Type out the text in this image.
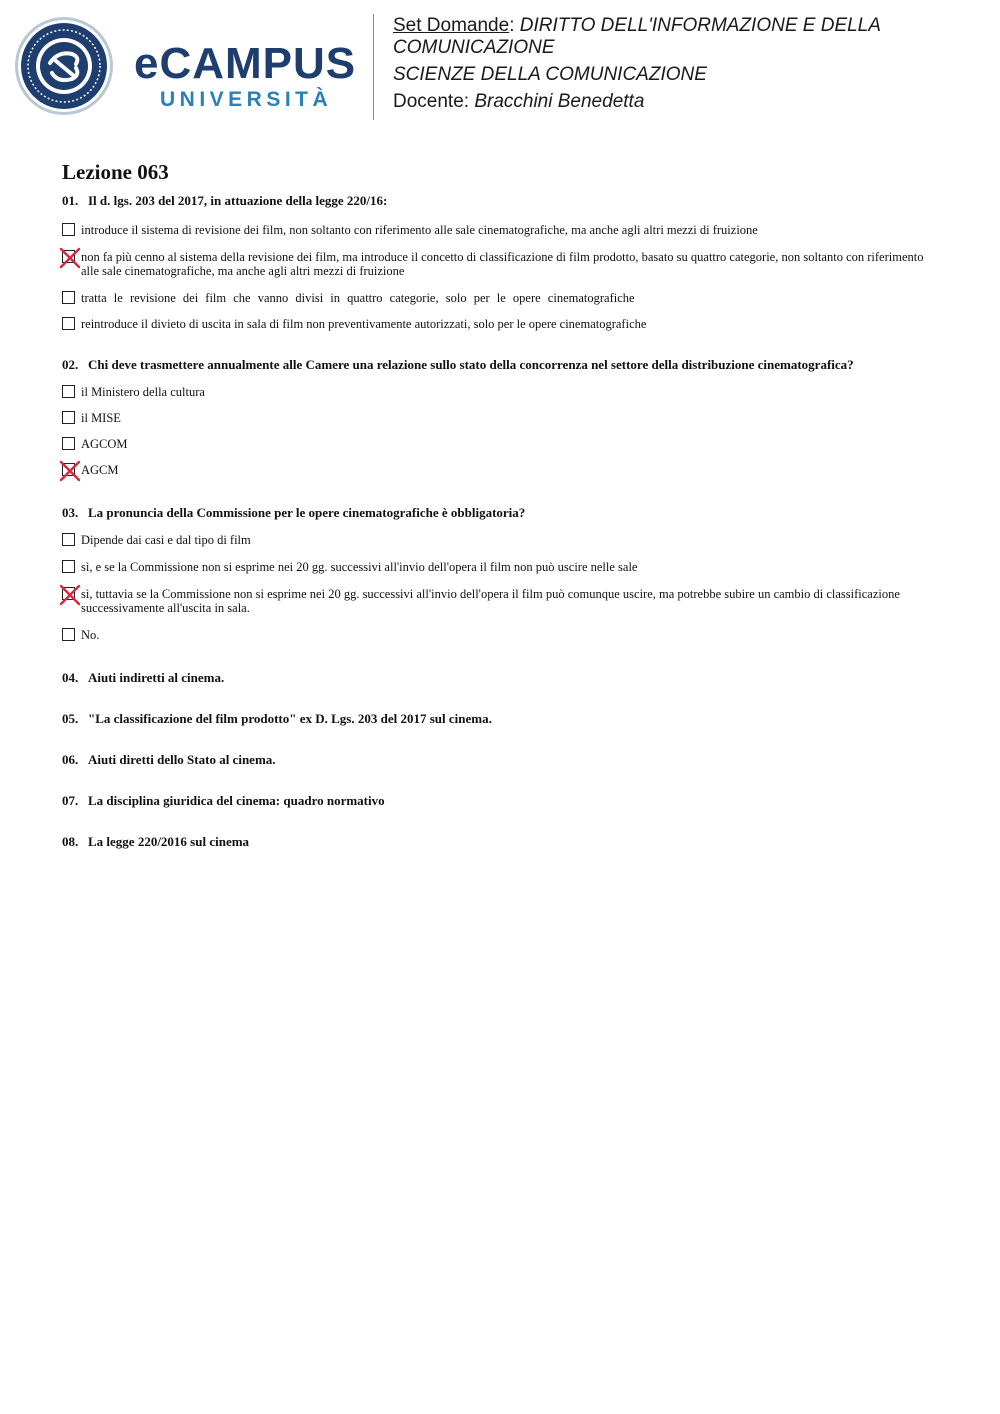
eCAMPUS
UNIVERSITÀ
Set Domande: DIRITTO DELL'INFORMAZIONE E DELLA COMUNICAZIONE
SCIENZE DELLA COMUNICAZIONE
Docente: Bracchini Benedetta
Lezione 063

01. Il d. lgs. 203 del 2017, in attuazione della legge 220/16:

introduce il sistema di revisione dei film, non soltanto con riferimento alle sale cinematografiche, ma anche agli altri mezzi di fruizione
non fa più cenno al sistema della revisione dei film, ma introduce il concetto di classificazione di film prodotto, basato su quattro categorie, non soltanto con riferimento alle sale cinematografiche, ma anche agli altri mezzi di fruizione
tratta le revisione dei film che vanno divisi in quattro categorie, solo per le opere cinematografiche
reintroduce il divieto di uscita in sala di film non preventivamente autorizzati, solo per le opere cinematografiche

02. Chi deve trasmettere annualmente alle Camere una relazione sullo stato della concorrenza nel settore della distribuzione cinematografica?

il Ministero della cultura
il MISE
AGCOM
AGCM

03. La pronuncia della Commissione per le opere cinematografiche è obbligatoria?

Dipende dai casi e dal tipo di film
sì, e se la Commissione non si esprime nei 20 gg. successivi all'invio dell'opera il film non può uscire nelle sale
sì, tuttavia se la Commissione non si esprime nei 20 gg. successivi all'invio dell'opera il film può comunque uscire, ma potrebbe subire un cambio di classificazione successivamente all'uscita in sala.
No.

04. Aiuti indiretti al cinema.

05. "La classificazione del film prodotto" ex D. Lgs. 203 del 2017 sul cinema.

06. Aiuti diretti dello Stato al cinema.

07. La disciplina giuridica del cinema: quadro normativo

08. La legge 220/2016 sul cinema
